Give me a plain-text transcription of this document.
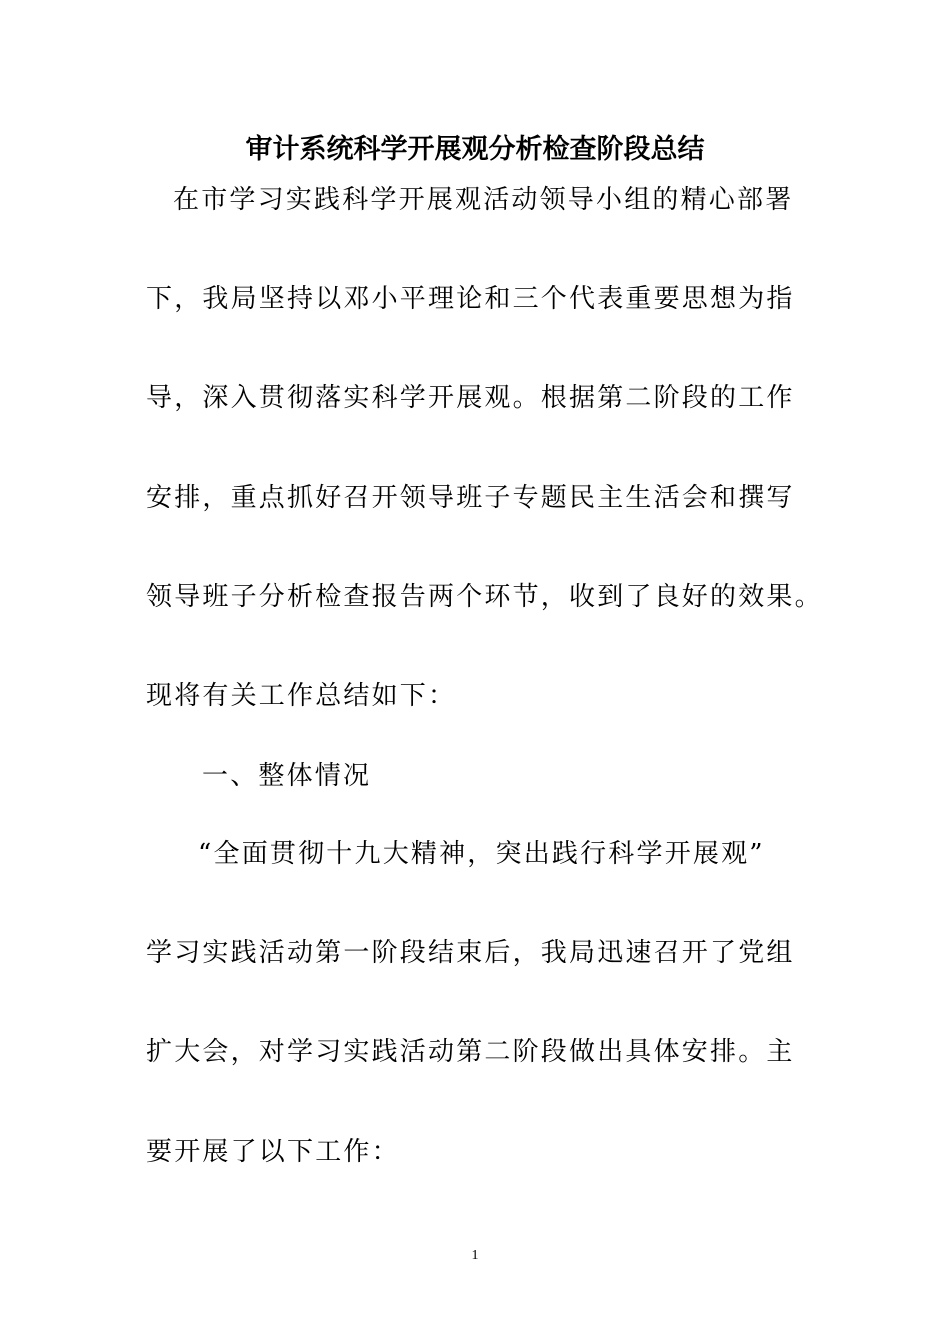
审计系统科学开展观分析检查阶段总结
在市学习实践科学开展观活动领导小组的精心部署
下，我局坚持以邓小平理论和三个代表重要思想为指
导，深入贯彻落实科学开展观。根据第二阶段的工作
安排，重点抓好召开领导班子专题民主生活会和撰写
领导班子分析检查报告两个环节，收到了良好的效果。
现将有关工作总结如下：
一、整体情况
“全面贯彻十九大精神，突出践行科学开展观”
学习实践活动第一阶段结束后，我局迅速召开了党组
扩大会，对学习实践活动第二阶段做出具体安排。主
要开展了以下工作：
1
